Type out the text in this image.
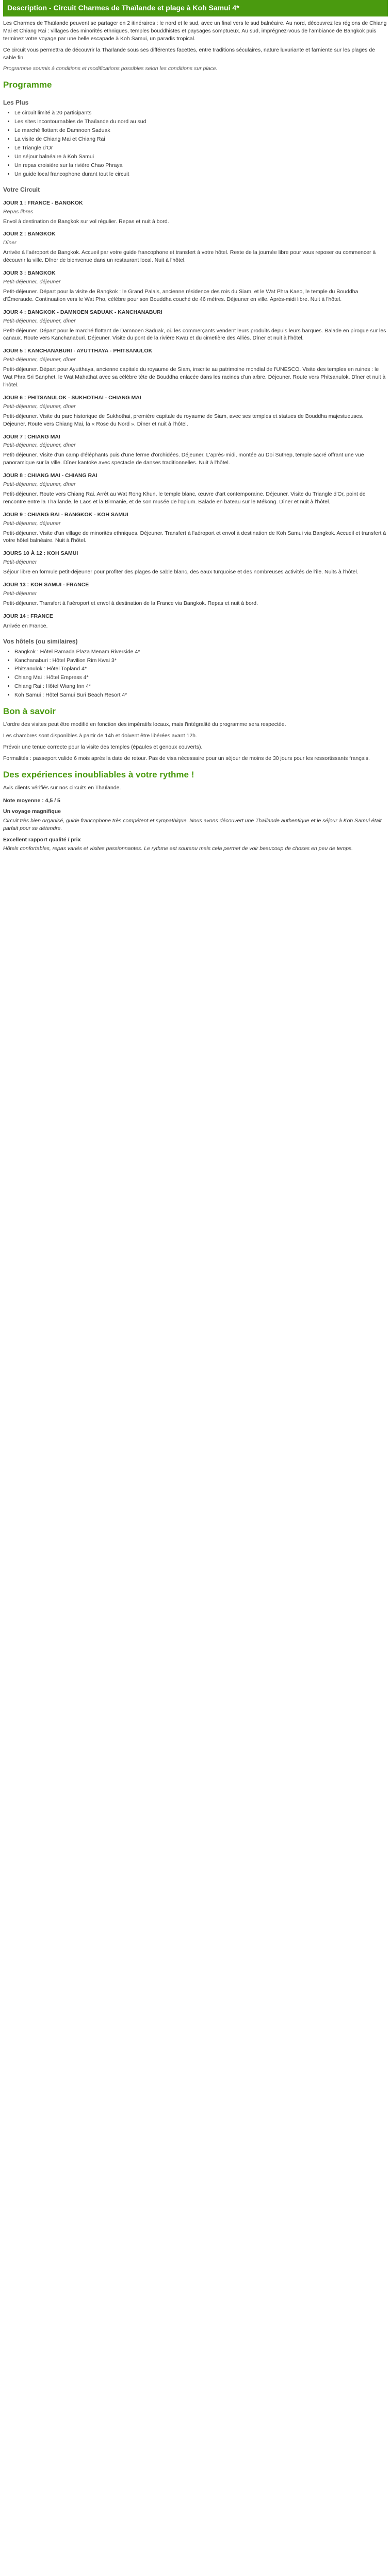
Description - Circuit Charmes de Thaïlande et plage à Koh Samui 4*

Les Charmes de Thaïlande peuvent se partager en 2 itinéraires : le nord et le sud, avec un final vers le sud balnéaire. Au nord, découvrez les régions de Chiang Mai et Chiang Rai : villages des minorités ethniques, temples bouddhistes et paysages somptueux. Au sud, imprégnez-vous de l'ambiance de Bangkok puis terminez votre voyage par une belle escapade à Koh Samui, un paradis tropical.

Ce circuit vous permettra de découvrir la Thaïlande sous ses différentes facettes, entre traditions séculaires, nature luxuriante et farniente sur les plages de sable fin.

Programme soumis à conditions et modifications possibles selon les conditions sur place.

Programme
Les Plus
• Le circuit limité à 20 participants
• Les sites incontournables de Thaïlande du nord au sud
• Le marché flottant de Damnoen Saduak
• La visite de Chiang Mai et Chiang Rai
• Le Triangle d'Or
• Un séjour balnéaire à Koh Samui
• Un repas croisière sur la rivière Chao Phraya
• Un guide local francophone durant tout le circuit
Votre Circuit
JOUR 1 : FRANCE - BANGKOK
Repas libres

Envol à destination de Bangkok sur vol régulier. Repas et nuit à bord.

JOUR 2 : BANGKOK
Dîner

Arrivée à l'aéroport de Bangkok. Accueil par votre guide francophone et transfert à votre hôtel. Reste de la journée libre pour vous reposer ou commencer à découvrir la ville. Dîner de bienvenue dans un restaurant local. Nuit à l'hôtel.

JOUR 3 : BANGKOK
Petit-déjeuner, déjeuner

Petit-déjeuner. Départ pour la visite de Bangkok : le Grand Palais, ancienne résidence des rois du Siam, et le Wat Phra Kaeo, le temple du Bouddha d'Émeraude. Continuation vers le Wat Pho, célèbre pour son Bouddha couché de 46 mètres. Déjeuner en ville. Après-midi libre. Nuit à l'hôtel.

JOUR 4 : BANGKOK - DAMNOEN SADUAK - KANCHANABURI
Petit-déjeuner, déjeuner, dîner

Petit-déjeuner. Départ pour le marché flottant de Damnoen Saduak, où les commerçants vendent leurs produits depuis leurs barques. Balade en pirogue sur les canaux. Route vers Kanchanaburi. Déjeuner. Visite du pont de la rivière Kwaï et du cimetière des Alliés. Dîner et nuit à l'hôtel.

JOUR 5 : KANCHANABURI - AYUTTHAYA - PHITSANULOK
Petit-déjeuner, déjeuner, dîner

Petit-déjeuner. Départ pour Ayutthaya, ancienne capitale du royaume de Siam, inscrite au patrimoine mondial de l'UNESCO. Visite des temples en ruines : le Wat Phra Sri Sanphet, le Wat Mahathat avec sa célèbre tête de Bouddha enlacée dans les racines d'un arbre. Déjeuner. Route vers Phitsanulok. Dîner et nuit à l'hôtel.

JOUR 6 : PHITSANULOK - SUKHOTHAI - CHIANG MAI
Petit-déjeuner, déjeuner, dîner

Petit-déjeuner. Visite du parc historique de Sukhothai, première capitale du royaume de Siam, avec ses temples et statues de Bouddha majestueuses. Déjeuner. Route vers Chiang Mai, la « Rose du Nord ». Dîner et nuit à l'hôtel.

JOUR 7 : CHIANG MAI
Petit-déjeuner, déjeuner, dîner

Petit-déjeuner. Visite d'un camp d'éléphants puis d'une ferme d'orchidées. Déjeuner. L'après-midi, montée au Doi Suthep, temple sacré offrant une vue panoramique sur la ville. Dîner kantoke avec spectacle de danses traditionnelles. Nuit à l'hôtel.

JOUR 8 : CHIANG MAI - CHIANG RAI
Petit-déjeuner, déjeuner, dîner

Petit-déjeuner. Route vers Chiang Rai. Arrêt au Wat Rong Khun, le temple blanc, œuvre d'art contemporaine. Déjeuner. Visite du Triangle d'Or, point de rencontre entre la Thaïlande, le Laos et la Birmanie, et de son musée de l'opium. Balade en bateau sur le Mékong. Dîner et nuit à l'hôtel.

JOUR 9 : CHIANG RAI - BANGKOK - KOH SAMUI
Petit-déjeuner, déjeuner

Petit-déjeuner. Visite d'un village de minorités ethniques. Déjeuner. Transfert à l'aéroport et envol à destination de Koh Samui via Bangkok. Accueil et transfert à votre hôtel balnéaire. Nuit à l'hôtel.

JOURS 10 À 12 : KOH SAMUI
Petit-déjeuner

Séjour libre en formule petit-déjeuner pour profiter des plages de sable blanc, des eaux turquoise et des nombreuses activités de l'île. Nuits à l'hôtel.

JOUR 13 : KOH SAMUI - FRANCE
Petit-déjeuner

Petit-déjeuner. Transfert à l'aéroport et envol à destination de la France via Bangkok. Repas et nuit à bord.

JOUR 14 : FRANCE

Arrivée en France.

Vos hôtels (ou similaires)
• Bangkok : Hôtel Ramada Plaza Menam Riverside 4*
• Kanchanaburi : Hôtel Pavilion Rim Kwai 3*
• Phitsanulok : Hôtel Topland 4*
• Chiang Mai : Hôtel Empress 4*
• Chiang Rai : Hôtel Wiang Inn 4*
• Koh Samui : Hôtel Samui Buri Beach Resort 4*
Bon à savoir

L'ordre des visites peut être modifié en fonction des impératifs locaux, mais l'intégralité du programme sera respectée.

Les chambres sont disponibles à partir de 14h et doivent être libérées avant 12h.

Prévoir une tenue correcte pour la visite des temples (épaules et genoux couverts).

Formalités : passeport valide 6 mois après la date de retour. Pas de visa nécessaire pour un séjour de moins de 30 jours pour les ressortissants français.

Des expériences inoubliables à votre rythme !

Avis clients vérifiés sur nos circuits en Thaïlande.

Note moyenne : 4,5 / 5
Un voyage magnifique

Circuit très bien organisé, guide francophone très compétent et sympathique. Nous avons découvert une Thaïlande authentique et le séjour à Koh Samui était parfait pour se détendre.

Excellent rapport qualité / prix

Hôtels confortables, repas variés et visites passionnantes. Le rythme est soutenu mais cela permet de voir beaucoup de choses en peu de temps.
